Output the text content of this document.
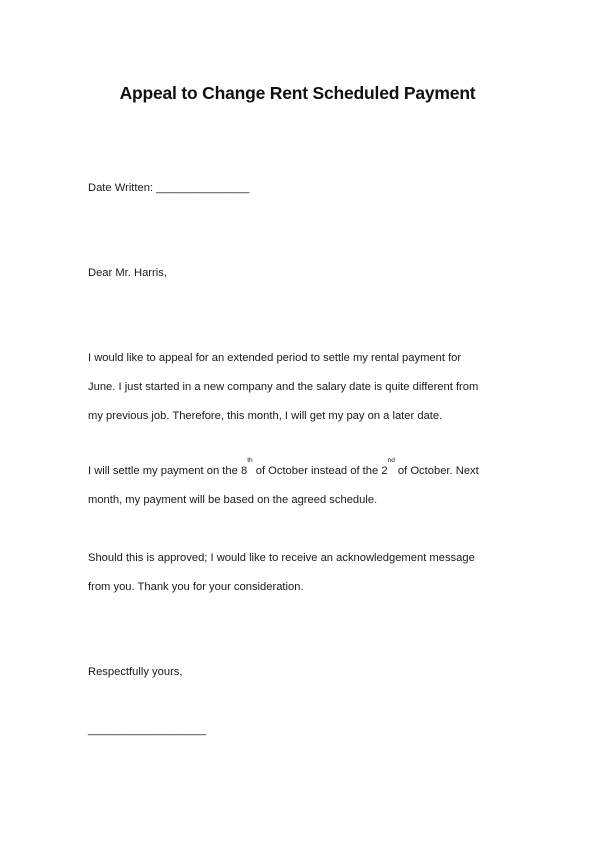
Appeal to Change Rent Scheduled Payment
Date Written: _______________
Dear Mr. Harris,
I would like to appeal for an extended period to settle my rental payment for
June. I just started in a new company and the salary date is quite different from
my previous job. Therefore, this month, I will get my pay on a later date.
I will settle my payment on the 8th of October instead of the 2nd of October. Next
month, my payment will be based on the agreed schedule.
Should this is approved; I would like to receive an acknowledgement message
from you. Thank you for your consideration.
Respectfully yours,
___________________
